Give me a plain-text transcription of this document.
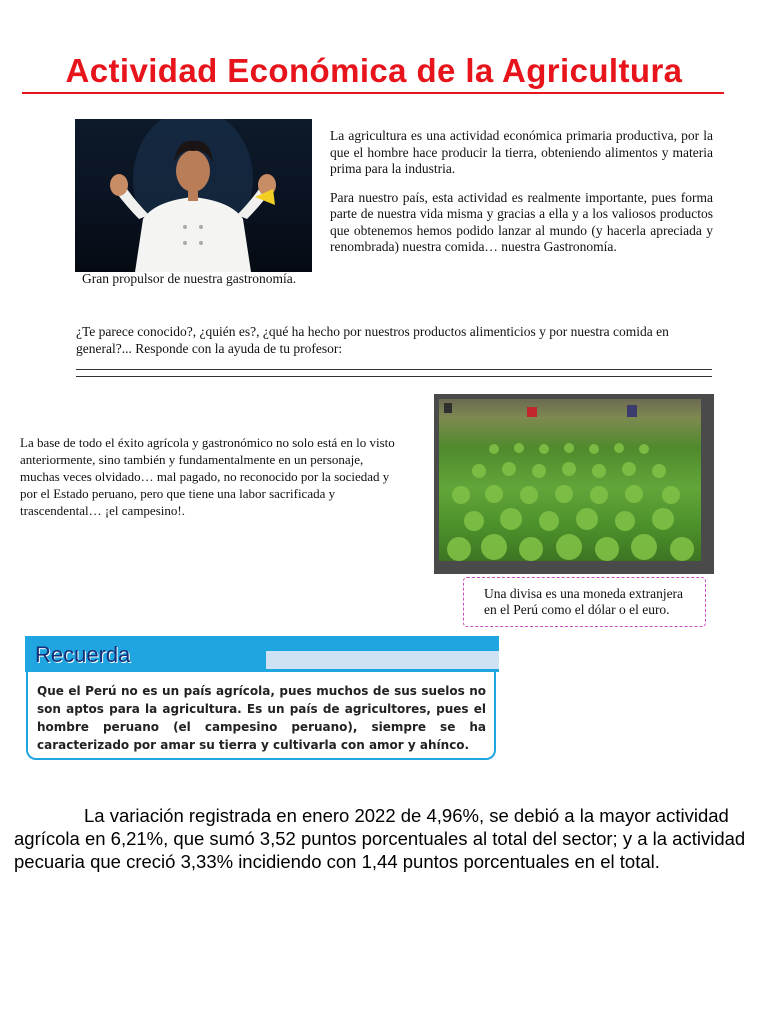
Actividad Económica de la Agricultura
Gran propulsor de nuestra gastronomía.

La agricultura es una actividad económica primaria productiva, por la que el hombre hace producir la tierra, obteniendo alimentos y materia prima para la industria.

Para nuestro país, esta actividad es realmente importante, pues forma parte de nuestra vida misma y gracias a ella y a los valiosos productos que obtenemos hemos podido lanzar al mundo (y hacerla apreciada y renombrada) nuestra comida… nuestra Gastronomía.

¿Te parece conocido?, ¿quién es?, ¿qué ha hecho por nuestros productos alimenticios y por nuestra comida en general?... Responde con la ayuda de tu profesor:
La base de todo el éxito agrícola y gastronómico no solo está en lo visto anteriormente, sino también y fundamentalmente en un personaje, muchas veces olvidado… mal pagado, no reconocido por la sociedad y por el Estado peruano, pero que tiene una labor sacrificada y trascendental… ¡el campesino!.
Una divisa es una moneda extranjera en el Perú como el dólar o el euro.
Recuerda
Que el Perú no es un país agrícola, pues muchos de sus suelos no son aptos para la agricultura. Es un país de agricultores, pues el hombre peruano (el campesino peruano), siempre se ha caracterizado por amar su tierra y cultivarla con amor y ahínco.
La variación registrada en enero 2022 de 4,96%, se debió a la mayor actividad agrícola en 6,21%, que sumó 3,52 puntos porcentuales al total del sector; y a la actividad pecuaria que creció 3,33% incidiendo con 1,44 puntos porcentuales en el total.
